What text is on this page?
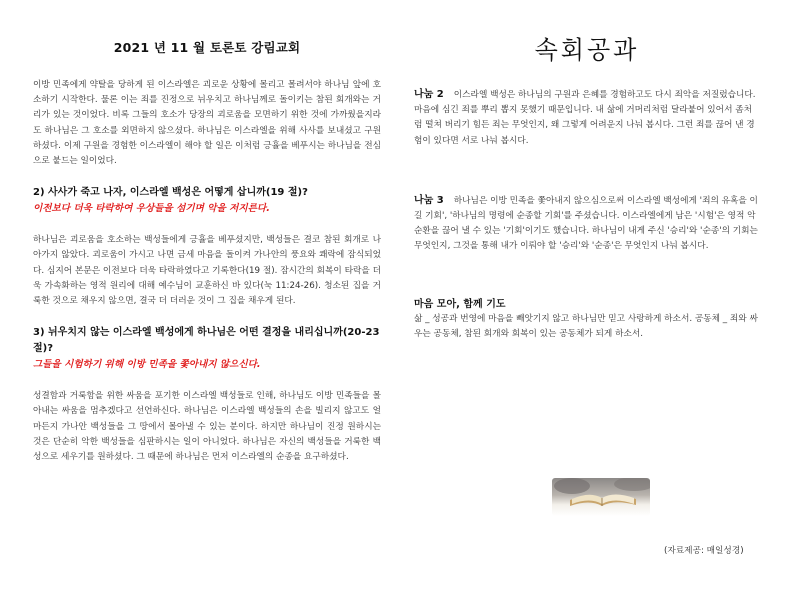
2021 년 11 월 토론토 강림교회

이방 민족에게 약탈을 당하게 된 이스라엘은 괴로운 상황에 몰리고 몰려서야 하나님 앞에 호소하기 시작한다. 물론 이는 죄를 진정으로 뉘우치고 하나님께로 돌이키는 참된 회개와는 거리가 있는 것이었다. 비록 그들의 호소가 당장의 괴로움을 모면하기 위한 것에 가까웠을지라도 하나님은 그 호소를 외면하지 않으셨다. 하나님은 이스라엘을 위해 사사를 보내셨고 구원하셨다. 이제 구원을 경험한 이스라엘이 해야 할 일은 이처럼 긍휼을 베푸시는 하나님을 전심으로 붙드는 일이었다.

2) 사사가 죽고 나자, 이스라엘 백성은 어떻게 삽니까(19 절)?

이전보다 더욱 타락하여 우상들을 섬기며 악을 저지른다.

하나님은 괴로움을 호소하는 백성들에게 긍휼을 베푸셨지만, 백성들은 결코 참된 회개로 나아가지 않았다. 괴로움이 가시고 나면 금세 마음을 돌이켜 가나안의 풍요와 쾌락에 잠식되었다. 심지어 본문은 이전보다 더욱 타락하였다고 기록한다(19 절). 잠시간의 회복이 타락을 더욱 가속화하는 영적 원리에 대해 예수님이 교훈하신 바 있다(눅 11:24-26). 청소된 집을 거룩한 것으로 채우지 않으면, 결국 더 더러운 것이 그 집을 채우게 된다.

3) 뉘우치지 않는 이스라엘 백성에게 하나님은 어떤 결정을 내리십니까(20-23 절)?

그들을 시험하기 위해 이방 민족을 쫓아내지 않으신다.

성결함과 거룩함을 위한 싸움을 포기한 이스라엘 백성들로 인해, 하나님도 이방 민족들을 몰아내는 싸움을 멈추겠다고 선언하신다. 하나님은 이스라엘 백성들의 손을 빌리지 않고도 얼마든지 가나안 백성들을 그 땅에서 몰아낼 수 있는 분이다. 하지만 하나님이 진정 원하시는 것은 단순히 악한 백성들을 심판하시는 일이 아니었다. 하나님은 자신의 백성들을 거룩한 백성으로 세우기를 원하셨다. 그 때문에 하나님은 먼저 이스라엘의 순종을 요구하셨다.

속회공과

나눔 2 이스라엘 백성은 하나님의 구원과 은혜를 경험하고도 다시 죄악을 저질렀습니다. 마음에 심긴 죄를 뿌리 뽑지 못했기 때문입니다. 내 삶에 거머리처럼 달라붙어 있어서 좀처럼 떨쳐 버리기 힘든 죄는 무엇인지, 왜 그렇게 어려운지 나눠 봅시다. 그런 죄를 끊어 낸 경험이 있다면 서로 나눠 봅시다.

나눔 3 하나님은 이방 민족을 쫓아내지 않으심으로써 이스라엘 백성에게 '죄의 유혹을 이길 기회', '하나님의 명령에 순종할 기회'를 주셨습니다. 이스라엘에게 남은 '시험'은 영적 악순환을 끊어 낼 수 있는 '기회'이기도 했습니다. 하나님이 내게 주신 '승리'와 '순종'의 기회는 무엇인지, 그것을 통해 내가 이뤄야 할 '승리'와 '순종'은 무엇인지 나눠 봅시다.

마음 모아, 함께 기도

삶 _ 성공과 번영에 마음을 빼앗기지 않고 하나님만 믿고 사랑하게 하소서. 공동체 _ 죄와 싸우는 공동체, 참된 회개와 회복이 있는 공동체가 되게 하소서.

(자료제공: 매일성경)
